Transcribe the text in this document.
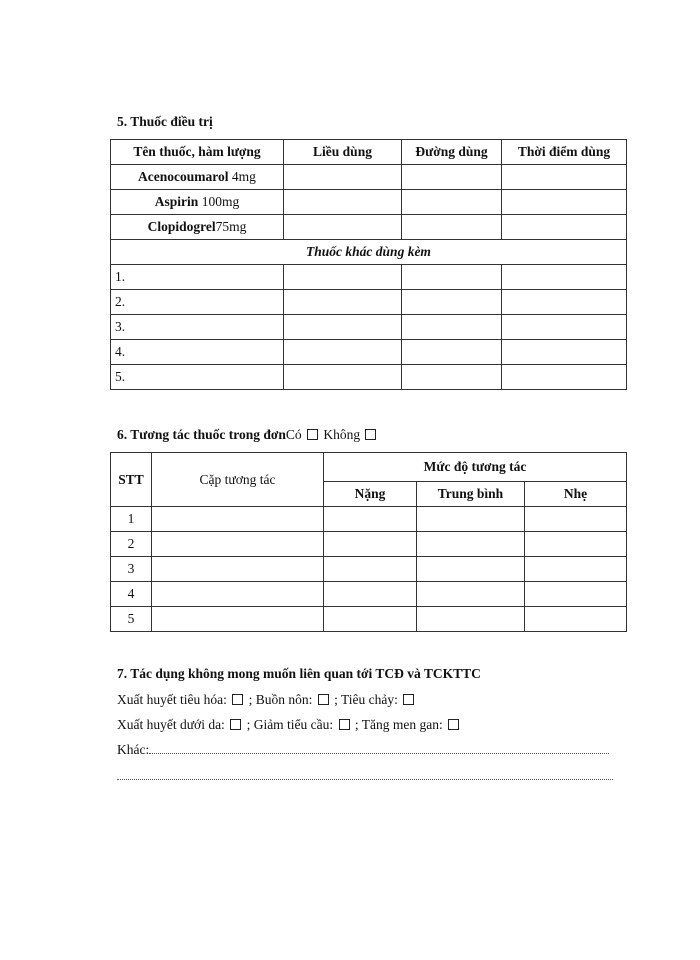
5. Thuốc điều trị
Tên thuốc, hàm lượng	Liều dùng	Đường dùng	Thời điểm dùng
Acenocoumarol 4mg			
Aspirin 100mg			
Clopidogrel75mg			
Thuốc khác dùng kèm			
1.			
2.			
3.			
4.			
5.			
6. Tương tác thuốc trong đơnCó Không
STT	Cặp tương tác	Mức độ tương tác		
		Nặng	Trung bình	Nhẹ
1				
2				
3				
4				
5				
7. Tác dụng không mong muốn liên quan tới TCĐ và TCKTTC
Xuất huyết tiêu hóa: ; Buồn nôn: ; Tiêu chảy:
Xuất huyết dưới da: ; Giảm tiểu cầu: ; Tăng men gan:
Khác:
